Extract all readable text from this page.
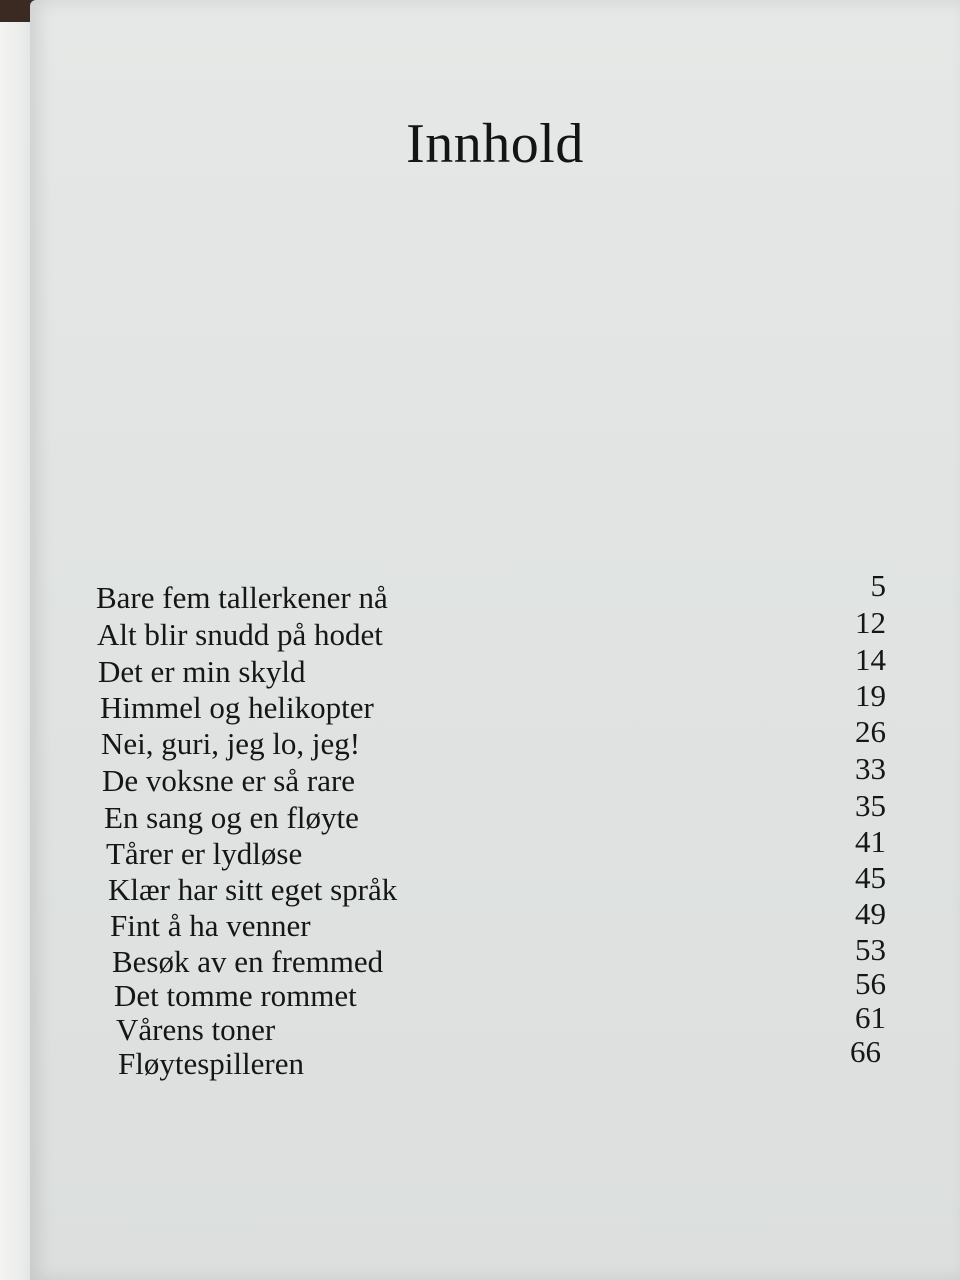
Innhold
Bare fem tallerkener nå	5
Alt blir snudd på hodet	12
Det er min skyld	14
Himmel og helikopter	19
Nei, guri, jeg lo, jeg!	26
De voksne er så rare	33
En sang og en fløyte	35
Tårer er lydløse	41
Klær har sitt eget språk	45
Fint å ha venner	49
Besøk av en fremmed	53
Det tomme rommet	56
Vårens toner	61
Fløytespilleren	66
